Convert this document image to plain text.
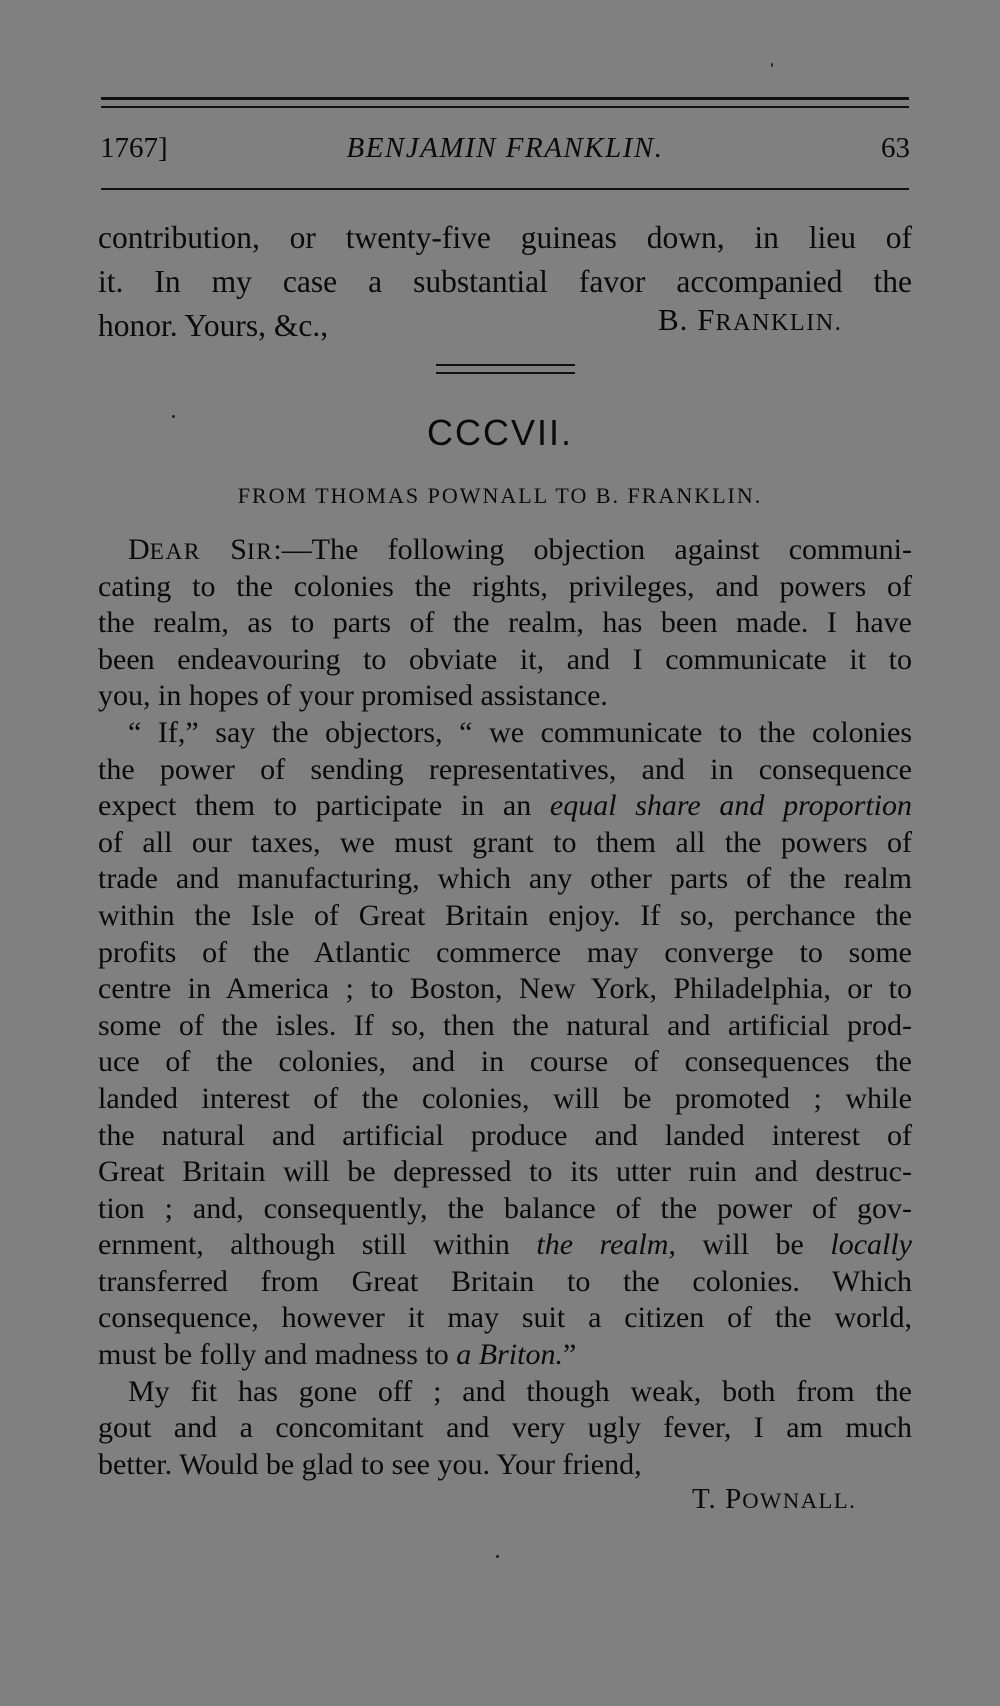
1767]	BENJAMIN FRANKLIN.	63
contribution, or twenty-five guineas down, in lieu of
it. In my case a substantial favor accompanied the
honor. Yours, &c.,	B. FRANKLIN.
CCCVII.
FROM THOMAS POWNALL TO B. FRANKLIN.
DEAR SIR:—The following objection against communi-
cating to the colonies the rights, privileges, and powers of
the realm, as to parts of the realm, has been made. I have
been endeavouring to obviate it, and I communicate it to
you, in hopes of your promised assistance.
“ If,” say the objectors, “ we communicate to the colonies
the power of sending representatives, and in consequence
expect them to participate in an equal share and proportion
of all our taxes, we must grant to them all the powers of
trade and manufacturing, which any other parts of the realm
within the Isle of Great Britain enjoy. If so, perchance the
profits of the Atlantic commerce may converge to some
centre in America ; to Boston, New York, Philadelphia, or to
some of the isles. If so, then the natural and artificial prod-
uce of the colonies, and in course of consequences the
landed interest of the colonies, will be promoted ; while
the natural and artificial produce and landed interest of
Great Britain will be depressed to its utter ruin and destruc-
tion ; and, consequently, the balance of the power of gov-
ernment, although still within the realm, will be locally
transferred from Great Britain to the colonies. Which
consequence, however it may suit a citizen of the world,
must be folly and madness to a Briton.”
My fit has gone off ; and though weak, both from the
gout and a concomitant and very ugly fever, I am much
better. Would be glad to see you. Your friend,
T. POWNALL.
